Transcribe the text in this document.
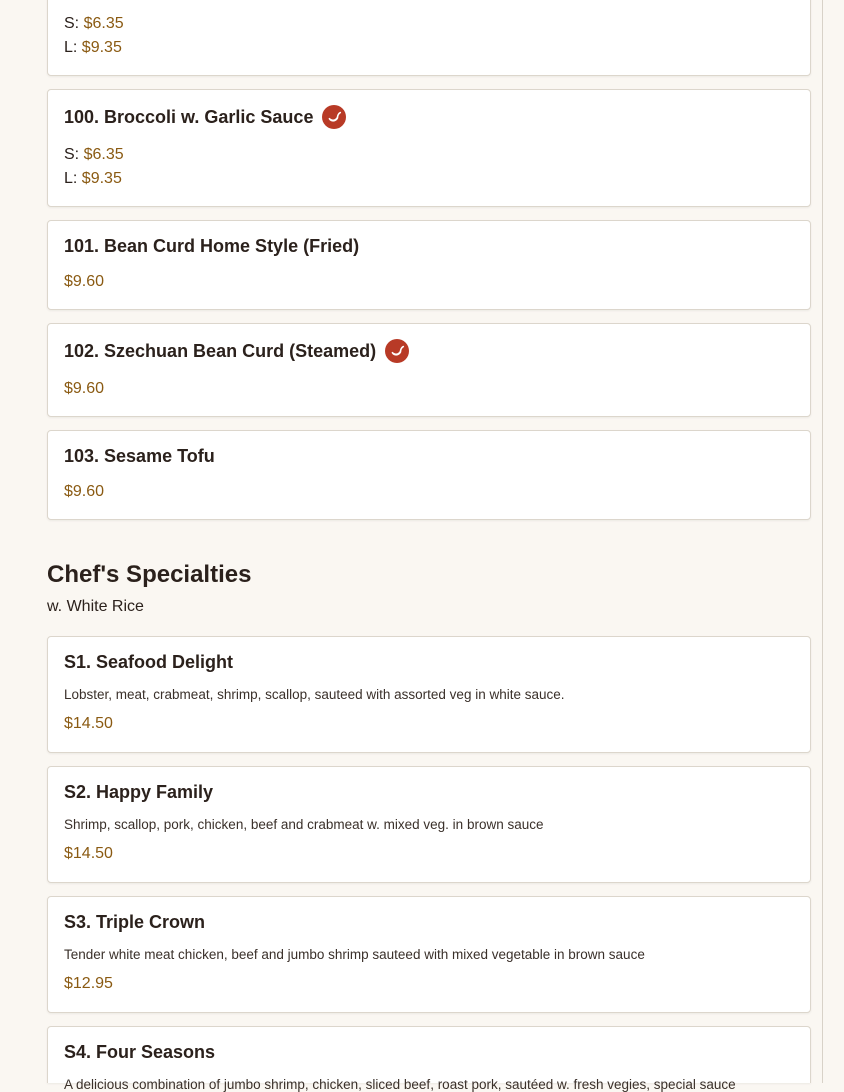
S: $6.35
L: $9.35
100. Broccoli w. Garlic Sauce
S: $6.35
L: $9.35
101. Bean Curd Home Style (Fried)
$9.60
102. Szechuan Bean Curd (Steamed)
$9.60
103. Sesame Tofu
$9.60
Chef's Specialties
w. White Rice
S1. Seafood Delight
Lobster, meat, crabmeat, shrimp, scallop, sauteed with assorted veg in white sauce.
$14.50
S2. Happy Family
Shrimp, scallop, pork, chicken, beef and crabmeat w. mixed veg. in brown sauce
$14.50
S3. Triple Crown
Tender white meat chicken, beef and jumbo shrimp sauteed with mixed vegetable in brown sauce
$12.95
S4. Four Seasons
A delicious combination of jumbo shrimp, chicken, sliced beef, roast pork, sautéed w. fresh vegies, special sauce
